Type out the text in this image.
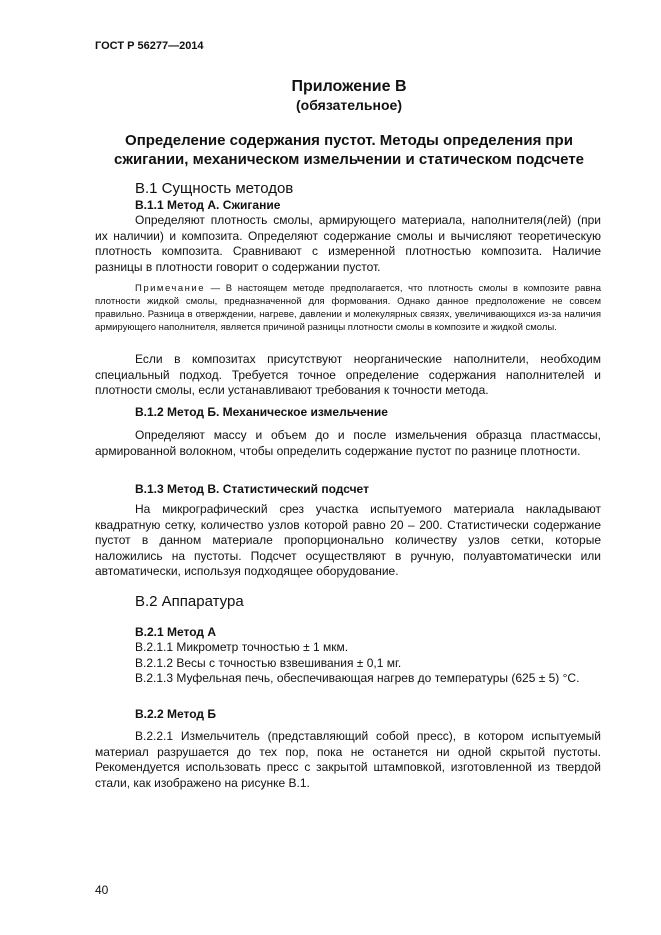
ГОСТ Р 56277—2014
Приложение В
(обязательное)
Определение содержания пустот. Методы определения при
сжигании, механическом измельчении и статическом подсчете
В.1 Сущность методов
В.1.1 Метод А. Сжигание

Определяют плотность смолы, армирующего материала, наполнителя(лей) (при их наличии) и композита. Определяют содержание смолы и вычисляют теоретическую плотность композита. Сравнивают с измеренной плотностью композита. Наличие разницы в плотности говорит о содержании пустот.

Примечание — В настоящем методе предполагается, что плотность смолы в композите равна плотности жидкой смолы, предназначенной для формования. Однако данное предположение не совсем правильно. Разница в отверждении, нагреве, давлении и молекулярных связях, увеличивающихся из-за наличия армирующего наполнителя, является причиной разницы плотности смолы в композите и жидкой смолы.

Если в композитах присутствуют неорганические наполнители, необходим специальный подход. Требуется точное определение содержания наполнителей и плотности смолы, если устанавливают требования к точности метода.

В.1.2 Метод Б. Механическое измельчение

Определяют массу и объем до и после измельчения образца пластмассы, армированной волокном, чтобы определить содержание пустот по разнице плотности.

В.1.3 Метод В. Статистический подсчет

На микрографический срез участка испытуемого материала накладывают квадратную сетку, количество узлов которой равно 20 – 200. Статистически содержание пустот в данном материале пропорционально количеству узлов сетки, которые наложились на пустоты. Подсчет осуществляют в ручную, полуавтоматически или автоматически, используя подходящее оборудование.

В.2 Аппаратура
В.2.1 Метод А
В.2.1.1 Микрометр точностью ± 1 мкм.
В.2.1.2 Весы с точностью взвешивания ± 0,1 мг.

В.2.1.3 Муфельная печь, обеспечивающая нагрев до температуры (625 ± 5) °С.

В.2.2 Метод Б

В.2.2.1 Измельчитель (представляющий собой пресс), в котором испытуемый материал разрушается до тех пор, пока не останется ни одной скрытой пустоты. Рекомендуется использовать пресс с закрытой штамповкой, изготовленной из твердой стали, как изображено на рисунке В.1.

40
